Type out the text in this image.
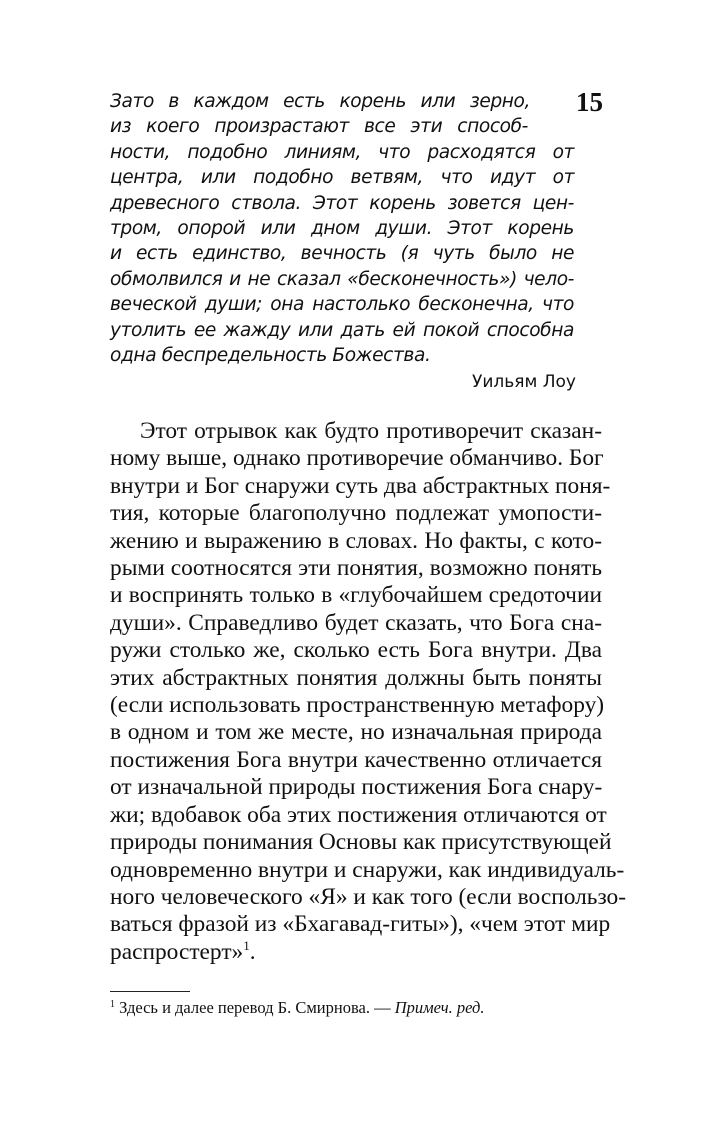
15
Зато в каждом есть корень или зерно,
из коего произрастают все эти способ-
ности, подобно линиям, что расходятся от
центра, или подобно ветвям, что идут от
древесного ствола. Этот корень зовется цен-
тром, опорой или дном души. Этот корень
и есть единство, вечность (я чуть было не
обмолвился и не сказал «бесконечность») чело-
веческой души; она настолько бесконечна, что
утолить ее жажду или дать ей покой способна
одна беспредельность Божества.
Уильям Лоу
Этот отрывок как будто противоречит сказан-
ному выше, однако противоречие обманчиво. Бог
внутри и Бог снаружи суть два абстрактных поня-
тия, которые благополучно подлежат умопости-
жению и выражению в словах. Но факты, с кото-
рыми соотносятся эти понятия, возможно понять
и воспринять только в «глубочайшем средоточии
души». Справедливо будет сказать, что Бога сна-
ружи столько же, сколько есть Бога внутри. Два
этих абстрактных понятия должны быть поняты
(если использовать пространственную метафору)
в одном и том же месте, но изначальная природа
постижения Бога внутри качественно отличается
от изначальной природы постижения Бога снару-
жи; вдобавок оба этих постижения отличаются от
природы понимания Основы как присутствующей
одновременно внутри и снаружи, как индивидуаль-
ного человеческого «Я» и как того (если воспользо-
ваться фразой из «Бхагавад-гиты»), «чем этот мир
распростерт»$^1$.
$^1$ Здесь и далее перевод Б. Смирнова. — Примеч. ред.
